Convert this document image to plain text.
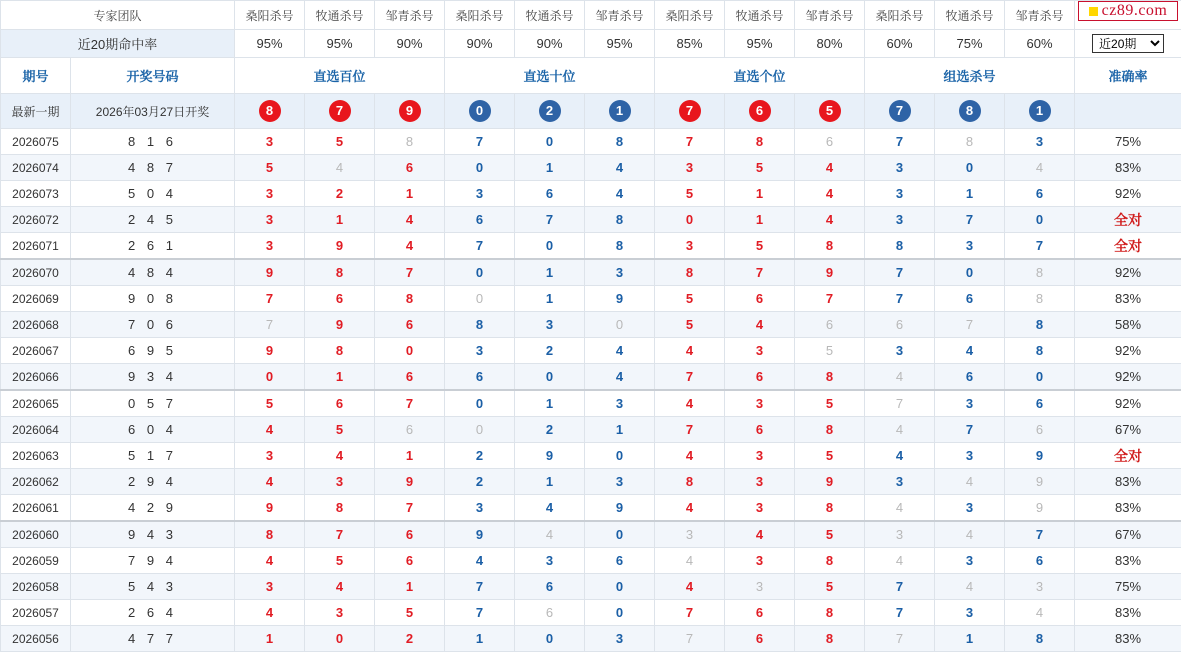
专家团队		桑阳杀号	牧通杀号	邹青杀号	桑阳杀号	牧通杀号	邹青杀号	桑阳杀号	牧通杀号	邹青杀号	桑阳杀号	牧通杀号	邹青杀号	
近20期命中率		95%	95%	90%	90%	90%	95%	85%	95%	80%	60%	75%	60%	
近20期
期号	开奖号码	直选百位			直选十位			直选个位			组选杀号			准确率
最新一期	2026年03月27日开奖	8	7	9	0	2	1	7	6	5	7	8	1	
2026075	8 1 6	3	5	8	7	0	8	7	8	6	7	8	3	75%
2026074	4 8 7	5	4	6	0	1	4	3	5	4	3	0	4	83%
2026073	5 0 4	3	2	1	3	6	4	5	1	4	3	1	6	92%
2026072	2 4 5	3	1	4	6	7	8	0	1	4	3	7	0	全对
2026071	2 6 1	3	9	4	7	0	8	3	5	8	8	3	7	全对
2026070	4 8 4	9	8	7	0	1	3	8	7	9	7	0	8	92%
2026069	9 0 8	7	6	8	0	1	9	5	6	7	7	6	8	83%
2026068	7 0 6	7	9	6	8	3	0	5	4	6	6	7	8	58%
2026067	6 9 5	9	8	0	3	2	4	4	3	5	3	4	8	92%
2026066	9 3 4	0	1	6	6	0	4	7	6	8	4	6	0	92%
2026065	0 5 7	5	6	7	0	1	3	4	3	5	7	3	6	92%
2026064	6 0 4	4	5	6	0	2	1	7	6	8	4	7	6	67%
2026063	5 1 7	3	4	1	2	9	0	4	3	5	4	3	9	全对
2026062	2 9 4	4	3	9	2	1	3	8	3	9	3	4	9	83%
2026061	4 2 9	9	8	7	3	4	9	4	3	8	4	3	9	83%
2026060	9 4 3	8	7	6	9	4	0	3	4	5	3	4	7	67%
2026059	7 9 4	4	5	6	4	3	6	4	3	8	4	3	6	83%
2026058	5 4 3	3	4	1	7	6	0	4	3	5	7	4	3	75%
2026057	2 6 4	4	3	5	7	6	0	7	6	8	7	3	4	83%
2026056	4 7 7	1	0	2	1	0	3	7	6	8	7	1	8	83%
cz89.com
